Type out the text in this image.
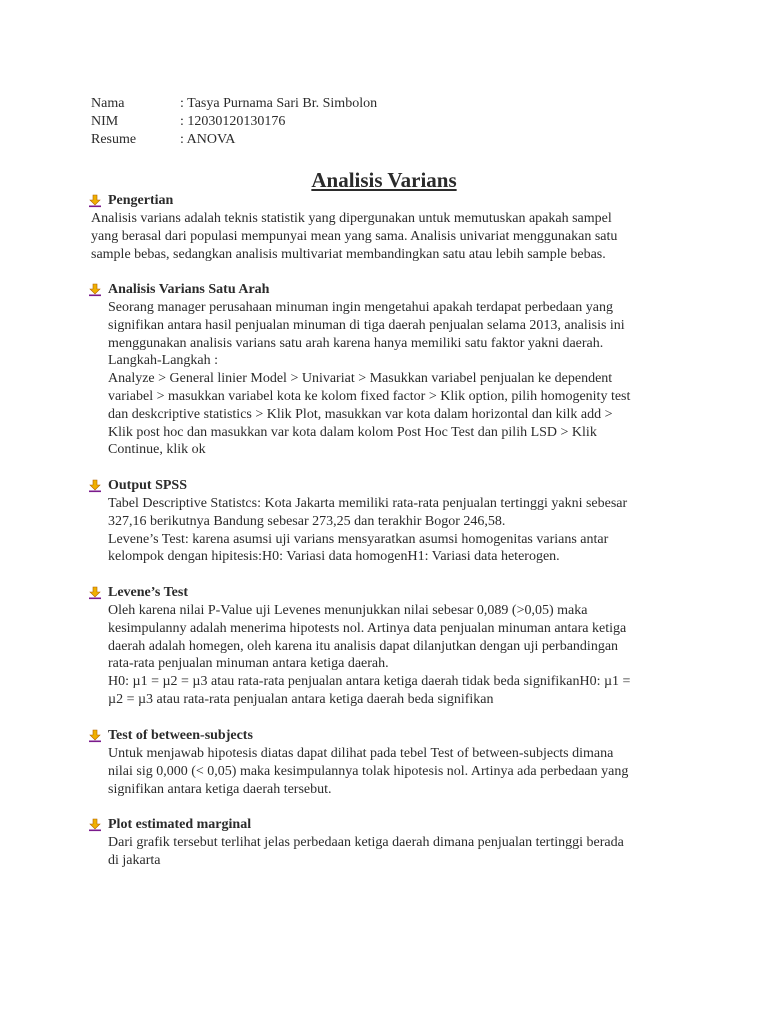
Nama	: Tasya Purnama Sari Br. Simbolon
NIM	: 12030120130176
Resume	: ANOVA
Analisis Varians
Pengertian
Analisis varians adalah teknis statistik yang dipergunakan untuk memutuskan apakah sampel
yang berasal dari populasi mempunyai mean yang sama. Analisis univariat menggunakan satu
sample bebas, sedangkan analisis multivariat membandingkan satu atau lebih sample bebas.
Analisis Varians Satu Arah
Seorang manager perusahaan minuman ingin mengetahui apakah terdapat perbedaan yang
signifikan antara hasil penjualan minuman di tiga daerah penjualan selama 2013, analisis ini
menggunakan analisis varians satu arah karena hanya memiliki satu faktor yakni daerah.
Langkah-Langkah :
Analyze > General linier Model > Univariat > Masukkan variabel penjualan ke dependent
variabel > masukkan variabel kota ke kolom fixed factor > Klik option, pilih homogenity test
dan deskcriptive statistics > Klik Plot, masukkan var kota dalam horizontal dan kilk add >
Klik post hoc dan masukkan var kota dalam kolom Post Hoc Test dan pilih LSD > Klik
Continue, klik ok
Output SPSS
Tabel Descriptive Statistcs: Kota Jakarta memiliki rata-rata penjualan tertinggi yakni sebesar
327,16 berikutnya Bandung sebesar 273,25 dan terakhir Bogor 246,58.
Levene’s Test: karena asumsi uji varians mensyaratkan asumsi homogenitas varians antar
kelompok dengan hipitesis:H0: Variasi data homogenH1: Variasi data heterogen.
Levene’s Test
Oleh karena nilai P-Value uji Levenes menunjukkan nilai sebesar 0,089 (>0,05) maka
kesimpulanny adalah menerima hipotests nol. Artinya data penjualan minuman antara ketiga
daerah adalah homegen, oleh karena itu analisis dapat dilanjutkan dengan uji perbandingan
rata-rata penjualan minuman antara ketiga daerah.
H0: µ1 = µ2 = µ3 atau rata-rata penjualan antara ketiga daerah tidak beda signifikanH0: µ1 =
µ2 = µ3 atau rata-rata penjualan antara ketiga daerah beda signifikan
Test of between-subjects
Untuk menjawab hipotesis diatas dapat dilihat pada tebel Test of between-subjects dimana
nilai sig 0,000 (< 0,05) maka kesimpulannya tolak hipotesis nol. Artinya ada perbedaan yang
signifikan antara ketiga daerah tersebut.
Plot estimated marginal
Dari grafik tersebut terlihat jelas perbedaan ketiga daerah dimana penjualan tertinggi berada
di jakarta
